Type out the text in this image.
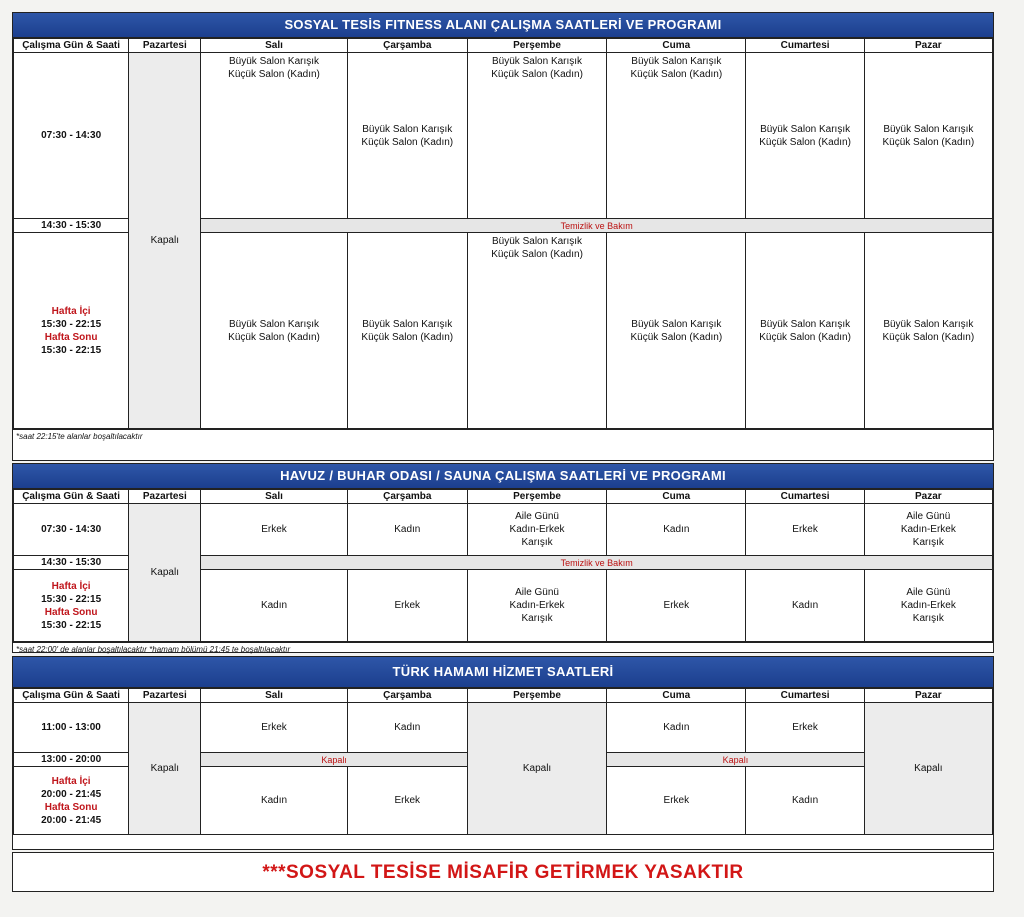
SOSYAL TESİS FITNESS ALANI ÇALIŞMA SAATLERİ VE PROGRAMI
Çalışma Gün & Saati	Pazartesi	Salı	Çarşamba	Perşembe	Cuma	Cumartesi	Pazar
07:30 - 14:30	Kapalı	Büyük Salon Karışık
Küçük Salon (Kadın)	Büyük Salon Karışık
Küçük Salon (Kadın)	Büyük Salon Karışık
Küçük Salon (Kadın)	Büyük Salon Karışık
Küçük Salon (Kadın)	Büyük Salon Karışık
Küçük Salon (Kadın)	Büyük Salon Karışık
Küçük Salon (Kadın)

14:30 - 15:30		Temizlik ve Bakım					

Hafta İçi
15:30 - 22:15
Hafta Sonu
15:30 - 22:15		Büyük Salon Karışık
Küçük Salon (Kadın)	Büyük Salon Karışık
Küçük Salon (Kadın)	Büyük Salon Karışık
Küçük Salon (Kadın)	Büyük Salon Karışık
Küçük Salon (Kadın)	Büyük Salon Karışık
Küçük Salon (Kadın)	Büyük Salon Karışık
Küçük Salon (Kadın)
*saat 22:15'te alanlar boşaltılacaktır
HAVUZ / BUHAR ODASI / SAUNA ÇALIŞMA SAATLERİ VE PROGRAMI
Çalışma Gün & Saati	Pazartesi	Salı	Çarşamba	Perşembe	Cuma	Cumartesi	Pazar
07:30 - 14:30	Kapalı	Erkek	Kadın	Aile Günü
Kadın-Erkek
Karışık	Kadın	Erkek	Aile Günü
Kadın-Erkek
Karışık

14:30 - 15:30		Temizlik ve Bakım					

Hafta İçi
15:30 - 22:15
Hafta Sonu
15:30 - 22:15		Kadın	Erkek	Aile Günü
Kadın-Erkek
Karışık	Erkek	Kadın	Aile Günü
Kadın-Erkek
Karışık
*saat 22:00' de alanlar boşaltılacaktır *hamam bölümü 21:45 te boşaltılacaktır
TÜRK HAMAMI HİZMET SAATLERİ
Çalışma Gün & Saati	Pazartesi	Salı	Çarşamba	Perşembe	Cuma	Cumartesi	Pazar
11:00 - 13:00	Kapalı	Erkek	Kadın	Kapalı	Kadın	Erkek	Kapalı
13:00 - 20:00		Kapalı			Kapalı		

Hafta İçi
20:00 - 21:45
Hafta Sonu
20:00 - 21:45		Kadın	Erkek		Erkek	Kadın	
***SOSYAL TESİSE MİSAFİR GETİRMEK YASAKTIR
